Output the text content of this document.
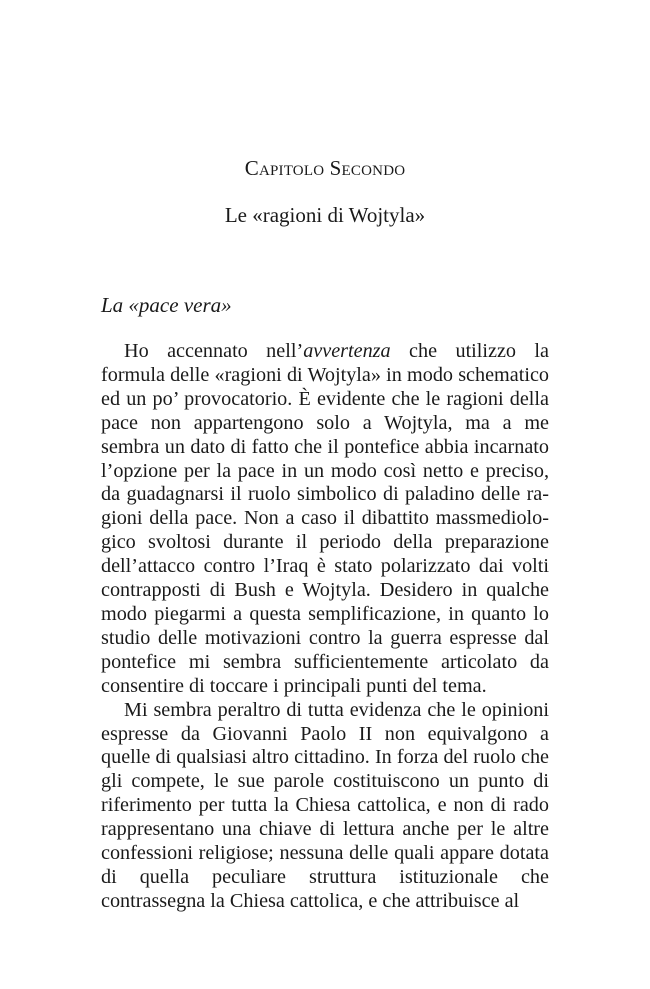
Capitolo Secondo
Le «ragioni di Wojtyla»
La «pace vera»

Ho accennato nell’avvertenza che utilizzo la formula delle «ragioni di Wojtyla» in modo schematico ed un po’ provocatorio. È evidente che le ragioni della pace non appartengono solo a Wojtyla, ma a me sembra un dato di fatto che il pontefice abbia incarnato l’opzione per la pace in un modo così netto e preciso, da guadagnarsi il ruolo simbolico di paladino delle ragioni della pace. Non a caso il dibattito massmediologico svoltosi durante il periodo della preparazione dell’attacco contro l’Iraq è stato polarizzato dai volti contrapposti di Bush e Wojtyla. Desidero in qualche modo piegarmi a questa semplificazione, in quanto lo studio delle motivazioni contro la guerra espresse dal pontefice mi sembra sufficientemente articolato da consentire di toccare i principali punti del tema.

Mi sembra peraltro di tutta evidenza che le opinioni espresse da Giovanni Paolo II non equivalgono a quelle di qualsiasi altro cittadino. In forza del ruolo che gli compete, le sue parole costituiscono un punto di riferimento per tutta la Chiesa cattolica, e non di rado rappresentano una chiave di lettura anche per le altre confessioni religiose; nessuna delle quali appare dotata di quella peculiare struttura istituzionale che contrassegna la Chiesa cattolica, e che attribuisce al
